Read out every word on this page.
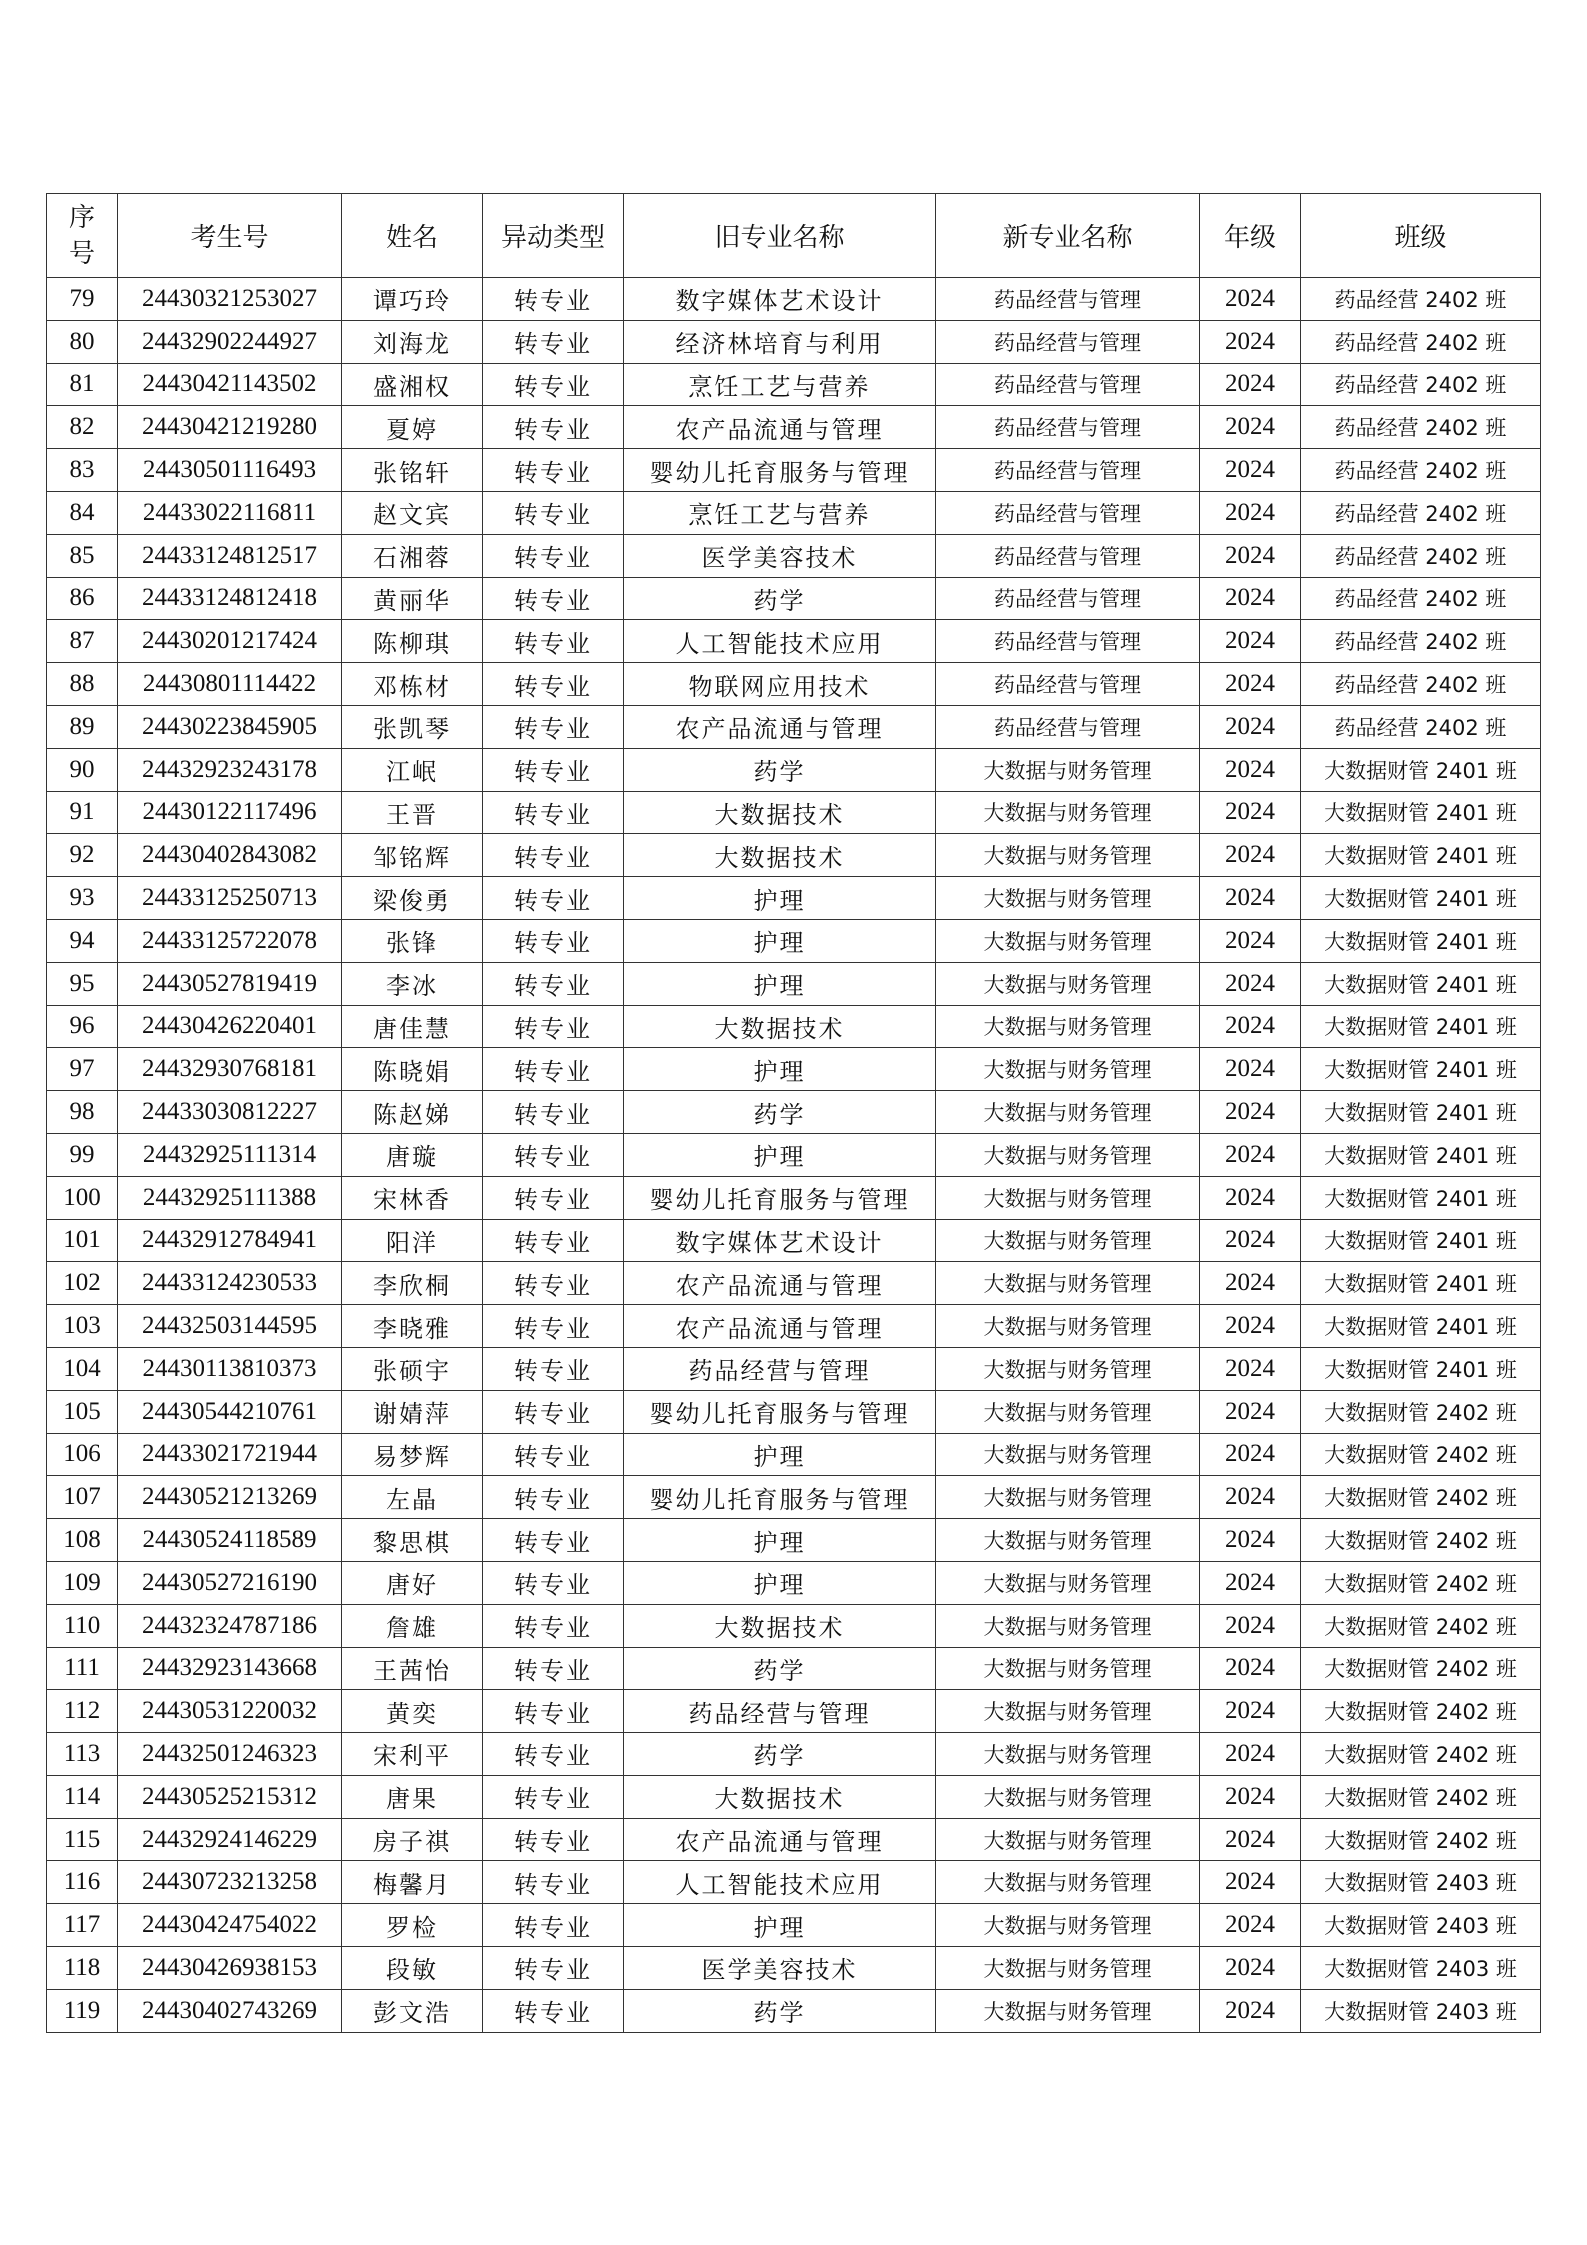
序
号	考生号	姓名	异动类型	旧专业名称	新专业名称	年级	班级
79	24430321253027	谭巧玲	转专业	数字媒体艺术设计	药品经营与管理	2024	药品经营 2402 班
80	24432902244927	刘海龙	转专业	经济林培育与利用	药品经营与管理	2024	药品经营 2402 班
81	24430421143502	盛湘权	转专业	烹饪工艺与营养	药品经营与管理	2024	药品经营 2402 班
82	24430421219280	夏婷	转专业	农产品流通与管理	药品经营与管理	2024	药品经营 2402 班
83	24430501116493	张铭轩	转专业	婴幼儿托育服务与管理	药品经营与管理	2024	药品经营 2402 班
84	24433022116811	赵文宾	转专业	烹饪工艺与营养	药品经营与管理	2024	药品经营 2402 班
85	24433124812517	石湘蓉	转专业	医学美容技术	药品经营与管理	2024	药品经营 2402 班
86	24433124812418	黄丽华	转专业	药学	药品经营与管理	2024	药品经营 2402 班
87	24430201217424	陈柳琪	转专业	人工智能技术应用	药品经营与管理	2024	药品经营 2402 班
88	24430801114422	邓栋材	转专业	物联网应用技术	药品经营与管理	2024	药品经营 2402 班
89	24430223845905	张凯琴	转专业	农产品流通与管理	药品经营与管理	2024	药品经营 2402 班
90	24432923243178	江岷	转专业	药学	大数据与财务管理	2024	大数据财管 2401 班
91	24430122117496	王晋	转专业	大数据技术	大数据与财务管理	2024	大数据财管 2401 班
92	24430402843082	邹铭辉	转专业	大数据技术	大数据与财务管理	2024	大数据财管 2401 班
93	24433125250713	梁俊勇	转专业	护理	大数据与财务管理	2024	大数据财管 2401 班
94	24433125722078	张锋	转专业	护理	大数据与财务管理	2024	大数据财管 2401 班
95	24430527819419	李冰	转专业	护理	大数据与财务管理	2024	大数据财管 2401 班
96	24430426220401	唐佳慧	转专业	大数据技术	大数据与财务管理	2024	大数据财管 2401 班
97	24432930768181	陈晓娟	转专业	护理	大数据与财务管理	2024	大数据财管 2401 班
98	24433030812227	陈赵娣	转专业	药学	大数据与财务管理	2024	大数据财管 2401 班
99	24432925111314	唐璇	转专业	护理	大数据与财务管理	2024	大数据财管 2401 班
100	24432925111388	宋林香	转专业	婴幼儿托育服务与管理	大数据与财务管理	2024	大数据财管 2401 班
101	24432912784941	阳洋	转专业	数字媒体艺术设计	大数据与财务管理	2024	大数据财管 2401 班
102	24433124230533	李欣桐	转专业	农产品流通与管理	大数据与财务管理	2024	大数据财管 2401 班
103	24432503144595	李晓雅	转专业	农产品流通与管理	大数据与财务管理	2024	大数据财管 2401 班
104	24430113810373	张硕宇	转专业	药品经营与管理	大数据与财务管理	2024	大数据财管 2401 班
105	24430544210761	谢婧萍	转专业	婴幼儿托育服务与管理	大数据与财务管理	2024	大数据财管 2402 班
106	24433021721944	易梦辉	转专业	护理	大数据与财务管理	2024	大数据财管 2402 班
107	24430521213269	左晶	转专业	婴幼儿托育服务与管理	大数据与财务管理	2024	大数据财管 2402 班
108	24430524118589	黎思棋	转专业	护理	大数据与财务管理	2024	大数据财管 2402 班
109	24430527216190	唐好	转专业	护理	大数据与财务管理	2024	大数据财管 2402 班
110	24432324787186	詹雄	转专业	大数据技术	大数据与财务管理	2024	大数据财管 2402 班
111	24432923143668	王茜怡	转专业	药学	大数据与财务管理	2024	大数据财管 2402 班
112	24430531220032	黄奕	转专业	药品经营与管理	大数据与财务管理	2024	大数据财管 2402 班
113	24432501246323	宋利平	转专业	药学	大数据与财务管理	2024	大数据财管 2402 班
114	24430525215312	唐果	转专业	大数据技术	大数据与财务管理	2024	大数据财管 2402 班
115	24432924146229	房子祺	转专业	农产品流通与管理	大数据与财务管理	2024	大数据财管 2402 班
116	24430723213258	梅馨月	转专业	人工智能技术应用	大数据与财务管理	2024	大数据财管 2403 班
117	24430424754022	罗检	转专业	护理	大数据与财务管理	2024	大数据财管 2403 班
118	24430426938153	段敏	转专业	医学美容技术	大数据与财务管理	2024	大数据财管 2403 班
119	24430402743269	彭文浩	转专业	药学	大数据与财务管理	2024	大数据财管 2403 班
